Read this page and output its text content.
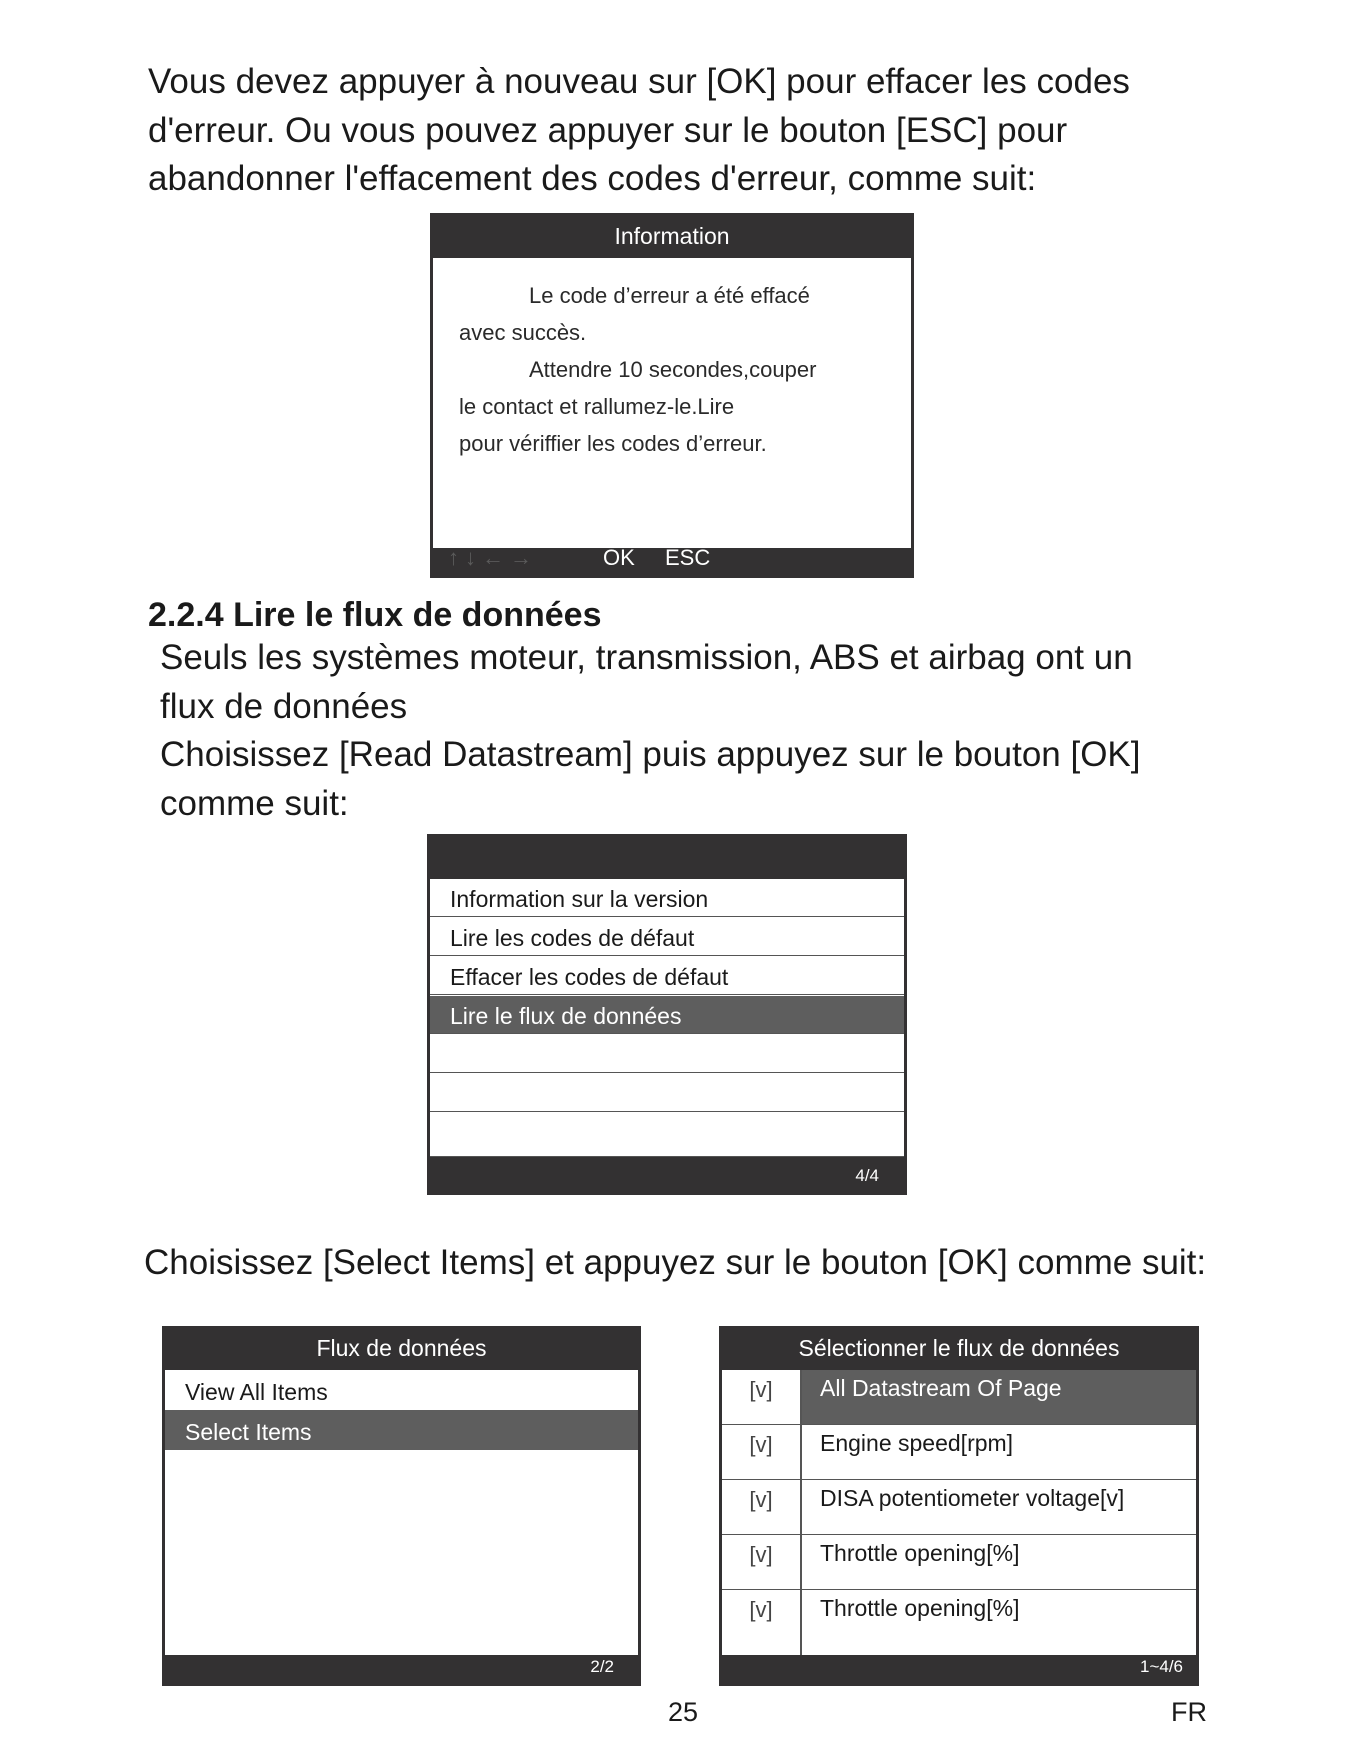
Vous devez appuyer à nouveau sur [OK] pour effacer les codes
d'erreur. Ou vous pouvez appuyer sur le bouton [ESC] pour
abandonner l'effacement des codes d'erreur, comme suit:
Information
Le code d’erreur a été effacé
avec succès.
Attendre 10 secondes,couper
le contact et rallumez-le.Lire
pour vériffier les codes d’erreur.
↑↓←→	OK ESC
2.2.4 Lire le flux de données
Seuls les systèmes moteur, transmission, ABS et airbag ont un
flux de données
Choisissez [Read Datastream] puis appuyez sur le bouton [OK]
comme suit:
Information sur la version
Lire les codes de défaut
Effacer les codes de défaut
Lire le flux de données
4/4
Choisissez [Select Items] et appuyez sur le bouton [OK] comme suit:
Flux de données
View All Items
Select Items
2/2
Sélectionner le flux de données
[v]	All Datastream Of Page
[v]	Engine speed[rpm]
[v]	DISA potentiometer voltage[v]
[v]	Throttle opening[%]
[v]	Throttle opening[%]
1~4/6
25	FR
